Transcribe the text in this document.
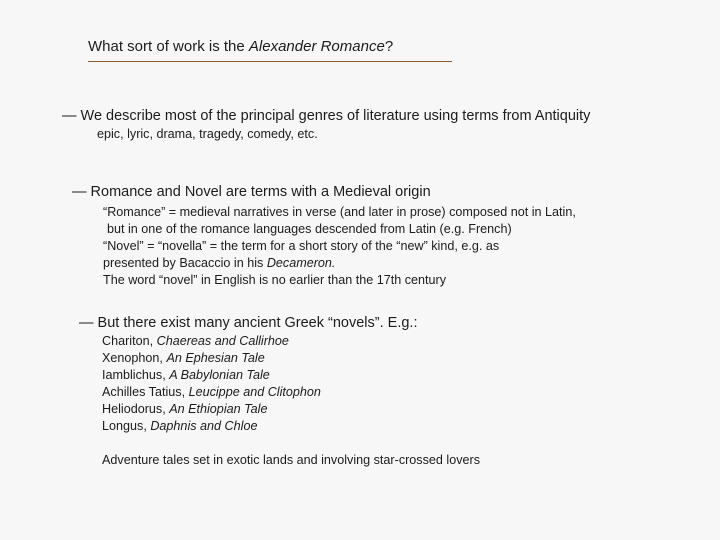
What sort of work is the Alexander Romance?
— We describe most of the principal genres of literature using terms from Antiquity
epic, lyric, drama, tragedy, comedy, etc.
— Romance and Novel are terms with a Medieval origin
“Romance” = medieval narratives in verse (and later in prose) composed not in Latin,
but in one of the romance languages descended from Latin (e.g. French)
“Novel” = “novella” = the term for a short story of the “new” kind, e.g. as
presented by Bacaccio in his Decameron.
The word “novel” in English is no earlier than the 17th century
— But there exist many ancient Greek “novels”. E.g.:
Chariton, Chaereas and Callirhoe
Xenophon, An Ephesian Tale
Iamblichus, A Babylonian Tale
Achilles Tatius, Leucippe and Clitophon
Heliodorus, An Ethiopian Tale
Longus, Daphnis and Chloe
Adventure tales set in exotic lands and involving star-crossed lovers
